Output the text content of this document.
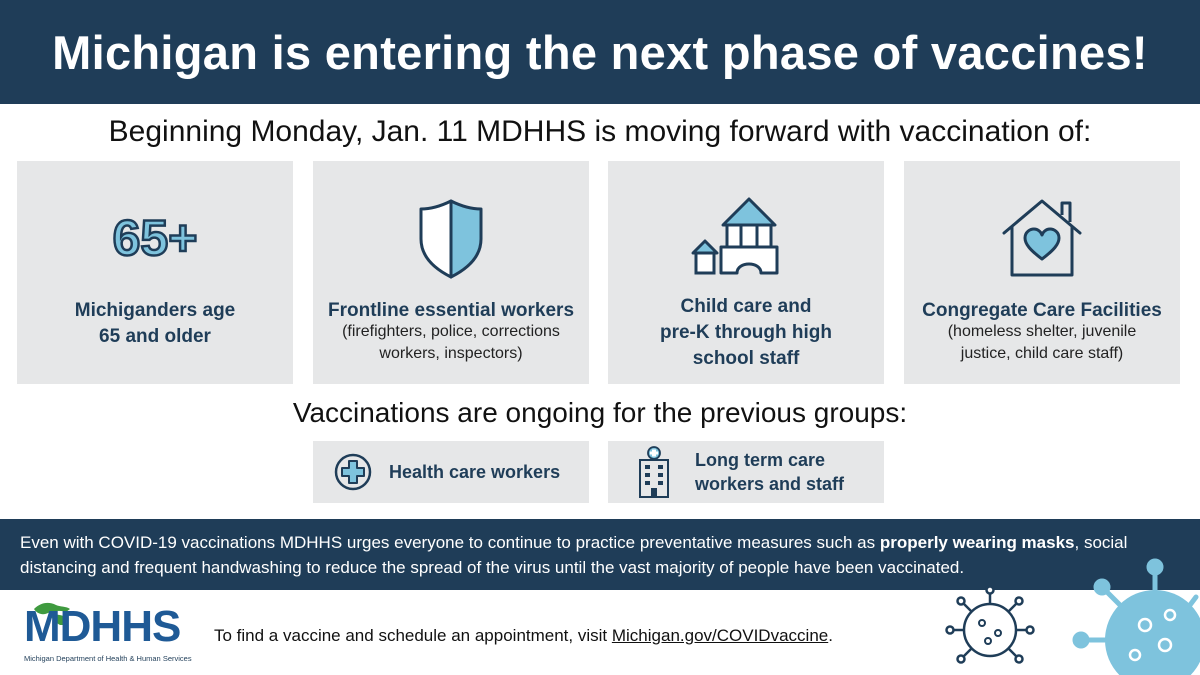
Michigan is entering the next phase of vaccines!
Beginning Monday, Jan. 11 MDHHS is moving forward with vaccination of:
65+
Michiganders age
65 and older
Frontline essential workers
(firefighters, police, corrections
workers, inspectors)
Child care and
pre-K through high
school staff
Congregate Care Facilities
(homeless shelter, juvenile
justice, child care staff)
Vaccinations are ongoing for the previous groups:
Health care workers
Long term care
workers and staff

Even with COVID-19 vaccinations MDHHS urges everyone to continue to practice preventative measures such as properly wearing masks, social distancing and frequent handwashing to reduce the spread of the virus until the vast majority of people have been vaccinated.

MDHHS
Michigan Department of Health & Human Services
To find a vaccine and schedule an appointment, visit Michigan.gov/COVIDvaccine.
